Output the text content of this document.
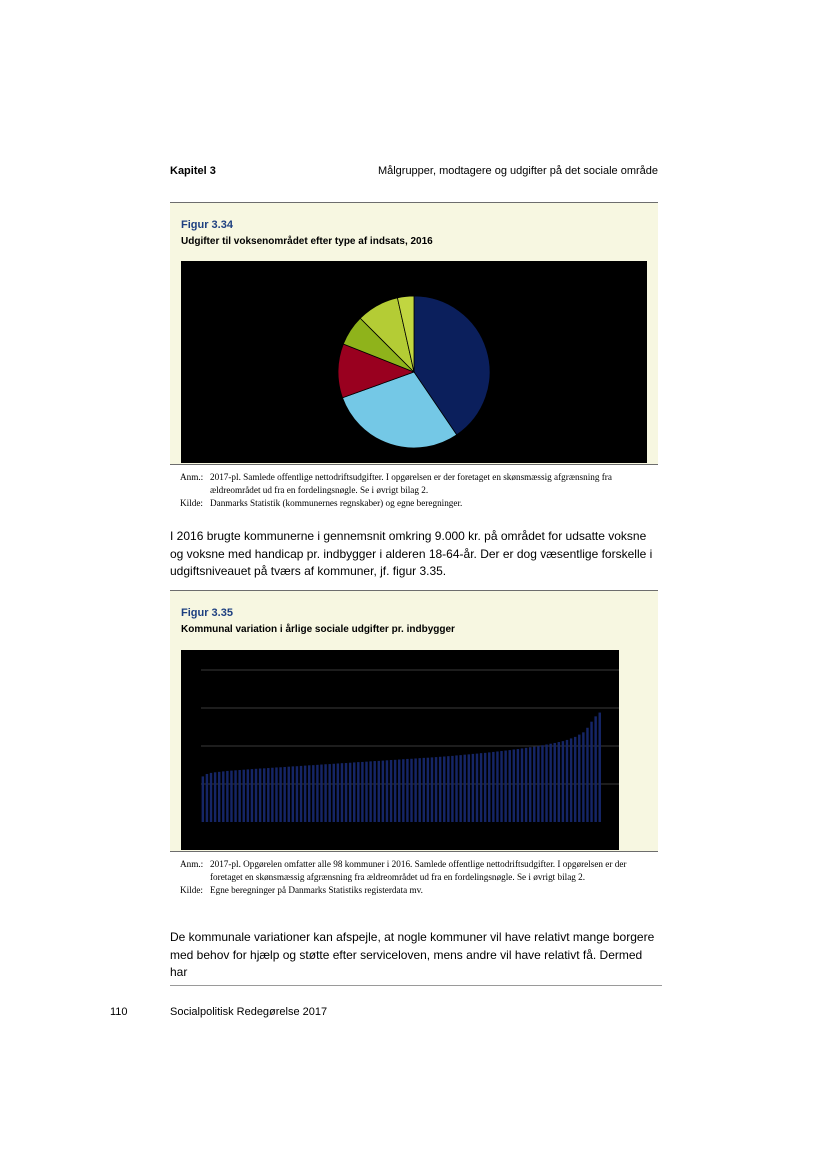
Kapitel 3	Målgrupper, modtagere og udgifter på det sociale område
Figur 3.34
Udgifter til voksenområdet efter type af indsats, 2016
Anm.: 2017-pl. Samlede offentlige nettodriftsudgifter. I opgørelsen er der foretaget en skønsmæssig afgrænsning fra ældreområdet ud fra en fordelingsnøgle. Se i øvrigt bilag 2.
Kilde: Danmarks Statistik (kommunernes regnskaber) og egne beregninger.

I 2016 brugte kommunerne i gennemsnit omkring 9.000 kr. på området for udsatte voksne og voksne med handicap pr. indbygger i alderen 18-64-år. Der er dog væsentlige forskelle i udgiftsniveauet på tværs af kommuner, jf. figur 3.35.

Figur 3.35
Kommunal variation i årlige sociale udgifter pr. indbygger
Anm.: 2017-pl. Opgørelen omfatter alle 98 kommuner i 2016. Samlede offentlige nettodriftsudgifter. I opgørelsen er der foretaget en skønsmæssig afgrænsning fra ældreområdet ud fra en fordelingsnøgle. Se i øvrigt bilag 2.
Kilde: Egne beregninger på Danmarks Statistiks registerdata mv.

De kommunale variationer kan afspejle, at nogle kommuner vil have relativt mange borgere med behov for hjælp og støtte efter serviceloven, mens andre vil have relativt få. Dermed har

110	Socialpolitisk Redegørelse 2017
